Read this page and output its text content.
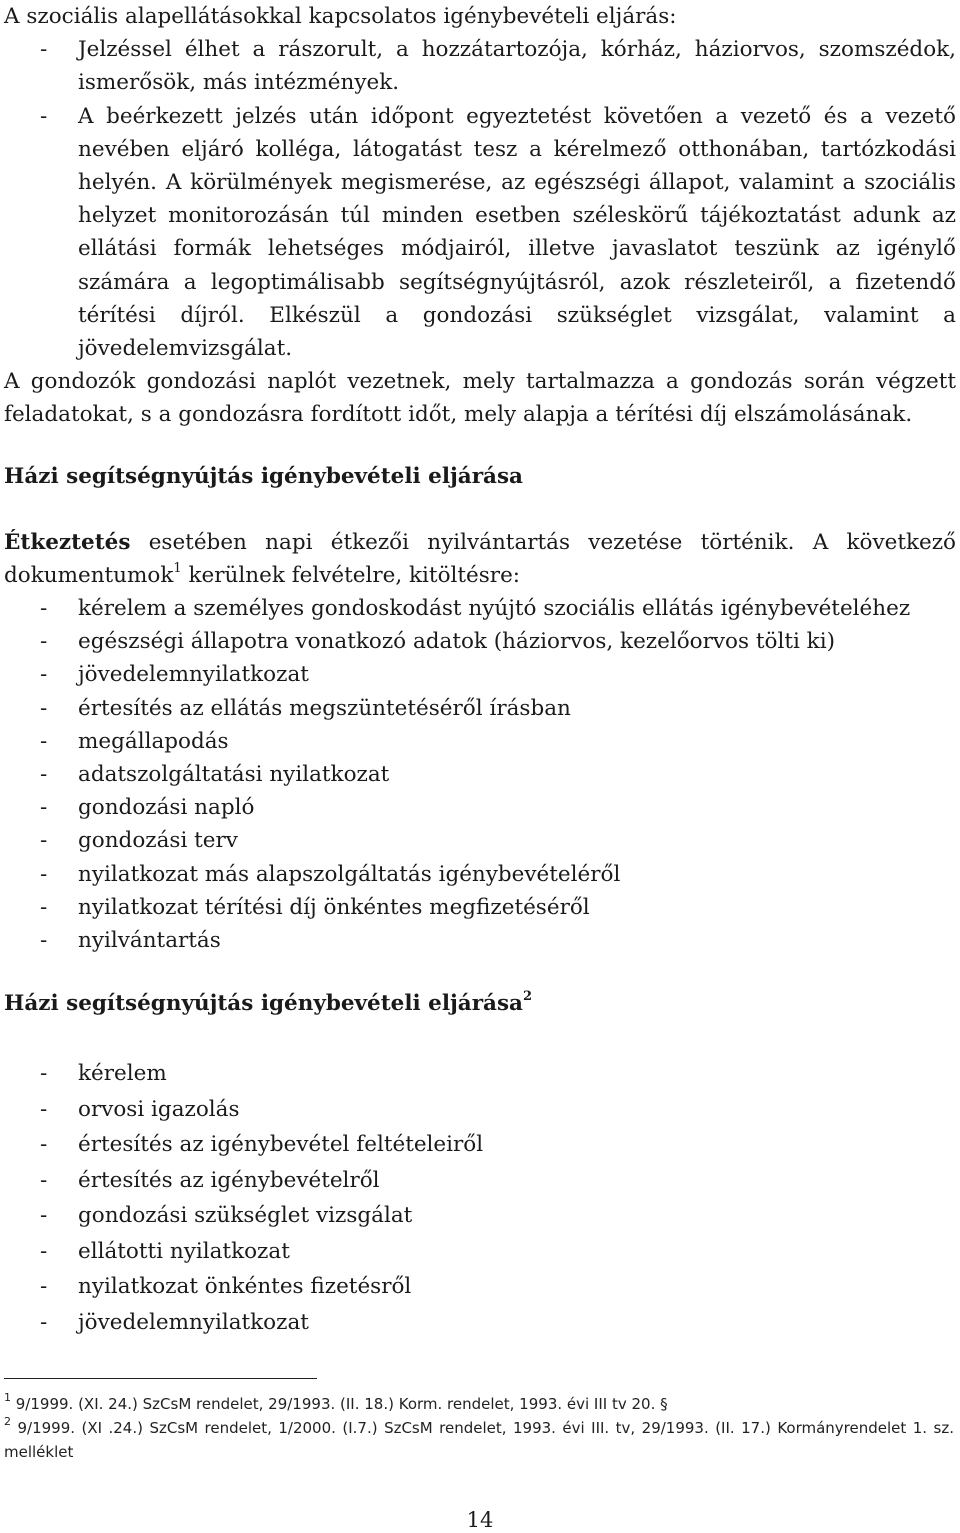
A szociális alapellátásokkal kapcsolatos igénybevételi eljárás:

-	Jelzéssel élhet a rászorult, a hozzátartozója, kórház, háziorvos, szomszédok, ismerősök, más intézmények.
-	A beérkezett jelzés után időpont egyeztetést követően a vezető és a vezető nevében eljáró kolléga, látogatást tesz a kérelmező otthonában, tartózkodási helyén. A körülmények megismerése, az egészségi állapot, valamint a szociális helyzet monitorozásán túl minden esetben széleskörű tájékoztatást adunk az ellátási formák lehetséges módjairól, illetve javaslatot teszünk az igénylő számára a legoptimálisabb segítségnyújtásról, azok részleteiről, a fizetendő térítési díjról. Elkészül a gondozási szükséglet vizsgálat, valamint a jövedelemvizsgálat.

A gondozók gondozási naplót vezetnek, mely tartalmazza a gondozás során végzett feladatokat, s a gondozásra fordított időt, mely alapja a térítési díj elszámolásának.

Házi segítségnyújtás igénybevételi eljárása

Étkeztetés esetében napi étkezői nyilvántartás vezetése történik. A következő dokumentumok$^1$ kerülnek felvételre, kitöltésre:

-	kérelem a személyes gondoskodást nyújtó szociális ellátás igénybevételéhez
-	egészségi állapotra vonatkozó adatok (háziorvos, kezelőorvos tölti ki)
-	jövedelemnyilatkozat
-	értesítés az ellátás megszüntetéséről írásban
-	megállapodás
-	adatszolgáltatási nyilatkozat
-	gondozási napló
-	gondozási terv
-	nyilatkozat más alapszolgáltatás igénybevételéről
-	nyilatkozat térítési díj önkéntes megfizetéséről
-	nyilvántartás
Házi segítségnyújtás igénybevételi eljárása$^2$
-	kérelem
-	orvosi igazolás
-	értesítés az igénybevétel feltételeiről
-	értesítés az igénybevételről
-	gondozási szükséglet vizsgálat
-	ellátotti nyilatkozat
-	nyilatkozat önkéntes fizetésről
-	jövedelemnyilatkozat

$^1$ 9/1999. (XI. 24.) SzCsM rendelet, 29/1993. (II. 18.) Korm. rendelet, 1993. évi III tv 20. §

$^2$ 9/1999. (XI .24.) SzCsM rendelet, 1/2000. (I.7.) SzCsM rendelet, 1993. évi III. tv, 29/1993. (II. 17.) Kormányrendelet 1. sz. melléklet

14
